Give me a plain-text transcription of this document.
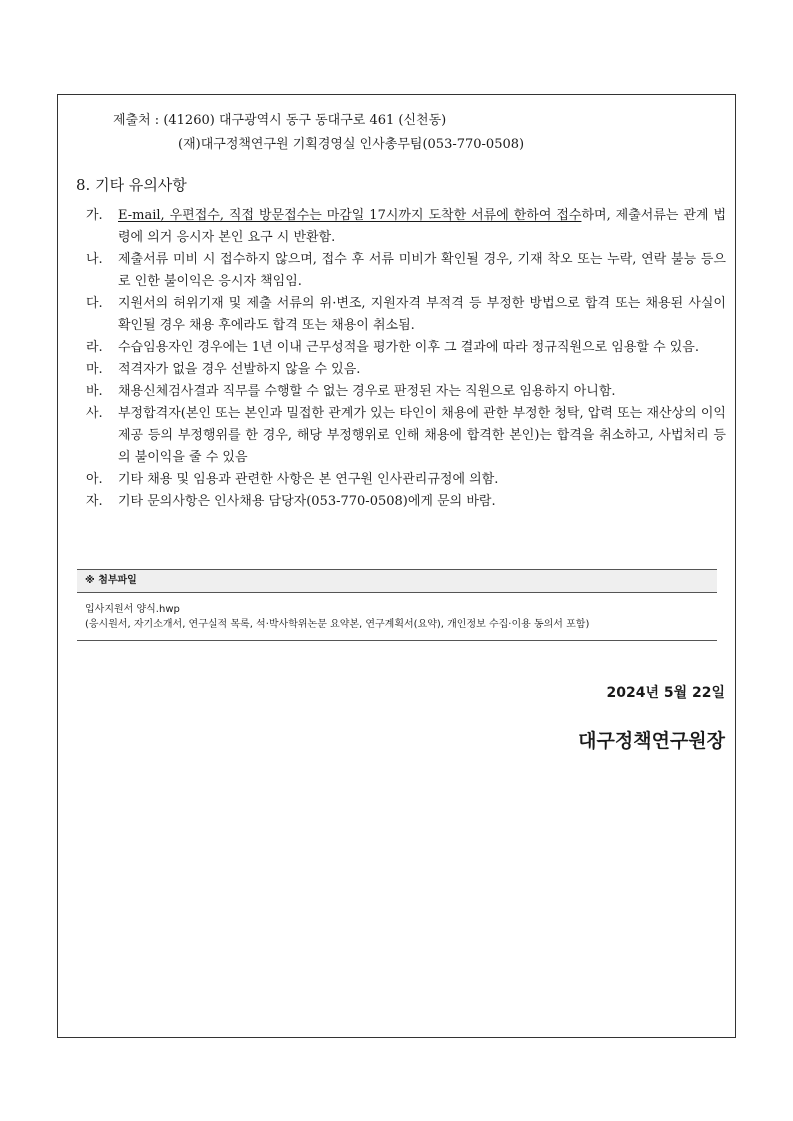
제출처 : (41260) 대구광역시 동구 동대구로 461 (신천동)
(재)대구정책연구원 기획경영실 인사총무팀(053-770-0508)
8. 기타 유의사항
가. E-mail, 우편접수, 직접 방문접수는 마감일 17시까지 도착한 서류에 한하여 접수하며, 제출서류는 관계 법령에 의거 응시자 본인 요구 시 반환함.
나. 제출서류 미비 시 접수하지 않으며, 접수 후 서류 미비가 확인될 경우, 기재 착오 또는 누락, 연락 불능 등으로 인한 불이익은 응시자 책임임.
다. 지원서의 허위기재 및 제출 서류의 위·변조, 지원자격 부적격 등 부정한 방법으로 합격 또는 채용된 사실이 확인될 경우 채용 후에라도 합격 또는 채용이 취소됨.
라. 수습임용자인 경우에는 1년 이내 근무성적을 평가한 이후 그 결과에 따라 정규직원으로 임용할 수 있음.
마. 적격자가 없을 경우 선발하지 않을 수 있음.
바. 채용신체검사결과 직무를 수행할 수 없는 경우로 판정된 자는 직원으로 임용하지 아니함.
사. 부정합격자(본인 또는 본인과 밀접한 관계가 있는 타인이 채용에 관한 부정한 청탁, 압력 또는 재산상의 이익 제공 등의 부정행위를 한 경우, 해당 부정행위로 인해 채용에 합격한 본인)는 합격을 취소하고, 사법처리 등의 불이익을 줄 수 있음
아. 기타 채용 및 임용과 관련한 사항은 본 연구원 인사관리규정에 의함.
자. 기타 문의사항은 인사채용 담당자(053-770-0508)에게 문의 바람.
※ 첨부파일
입사지원서 양식.hwp
(응시원서, 자기소개서, 연구실적 목록, 석·박사학위논문 요약본, 연구계획서(요약), 개인정보 수집·이용 동의서 포함)
2024년 5월 22일
대구정책연구원장
